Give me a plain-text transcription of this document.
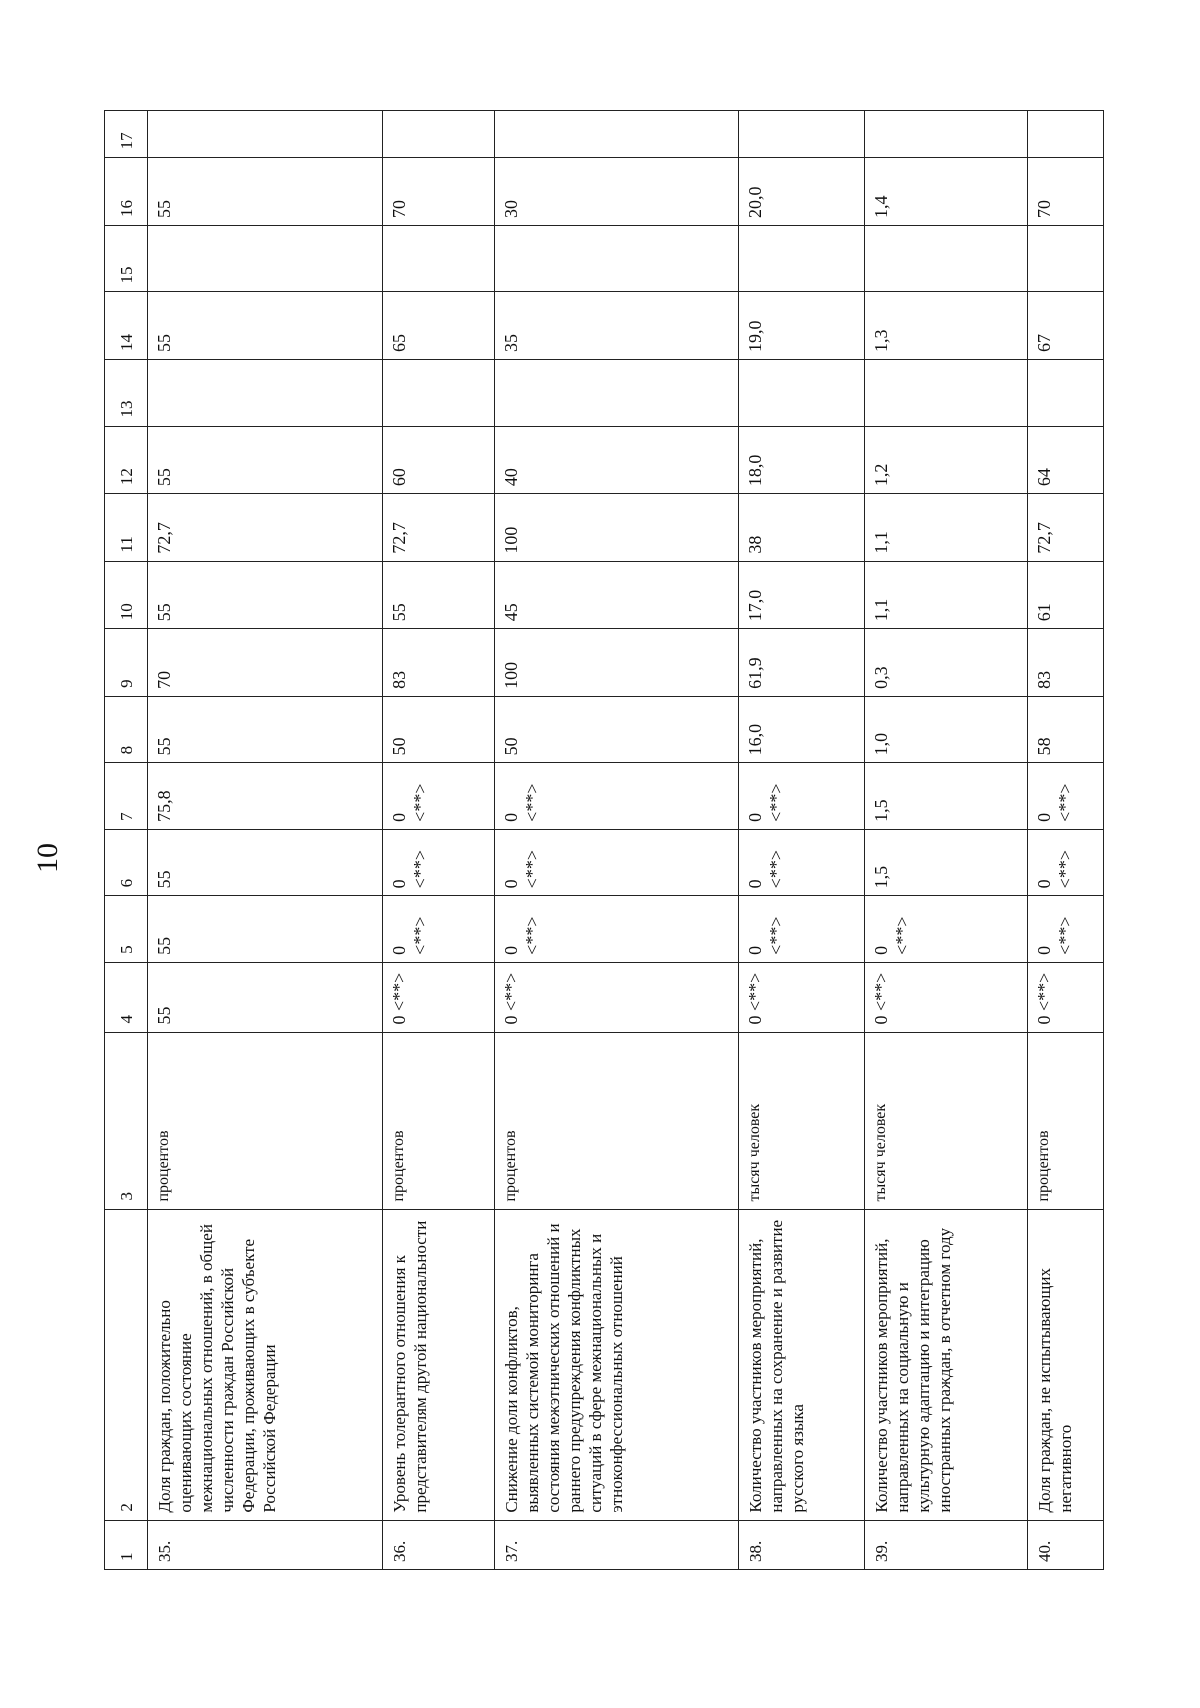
10
1	2	3	4	5	6	7	8	9	10	11	12	13	14	15	16	17
35.	Доля граждан, положительно оценивающих состояние межнациональных отношений, в общей численности граждан Российской Федерации, проживающих в субъекте Российской Федерации	процентов	55	55	55	75,8	55	70	55	72,7	55		55		55	
36.	Уровень толерантного отношения к представителям другой национальности	процентов	0 <**>	0 <**>	0 <**>	0 <**>	50	83	55	72,7	60		65		70	
37.	Снижение доли конфликтов, выявленных системой мониторинга состояния межэтнических отношений и раннего предупреждения конфликтных ситуаций в сфере межнациональных и этноконфессиональных отношений	процентов	0 <**>	0 <**>	0 <**>	0 <**>	50	100	45	100	40		35		30	
38.	Количество участников мероприятий, направленных на сохранение и развитие русского языка	тысяч человек	0 <**>	0 <**>	0 <**>	0 <**>	16,0	61,9	17,0	38	18,0		19,0		20,0	
39.	Количество участников мероприятий, направленных на социальную и культурную адаптацию и интеграцию иностранных граждан, в отчетном году	тысяч человек	0 <**>	0 <**>	1,5	1,5	1,0	0,3	1,1	1,1	1,2		1,3		1,4	
40.	Доля граждан, не испытывающих негативного	процентов	0 <**>	0 <**>	0 <**>	0 <**>	58	83	61	72,7	64		67		70	
